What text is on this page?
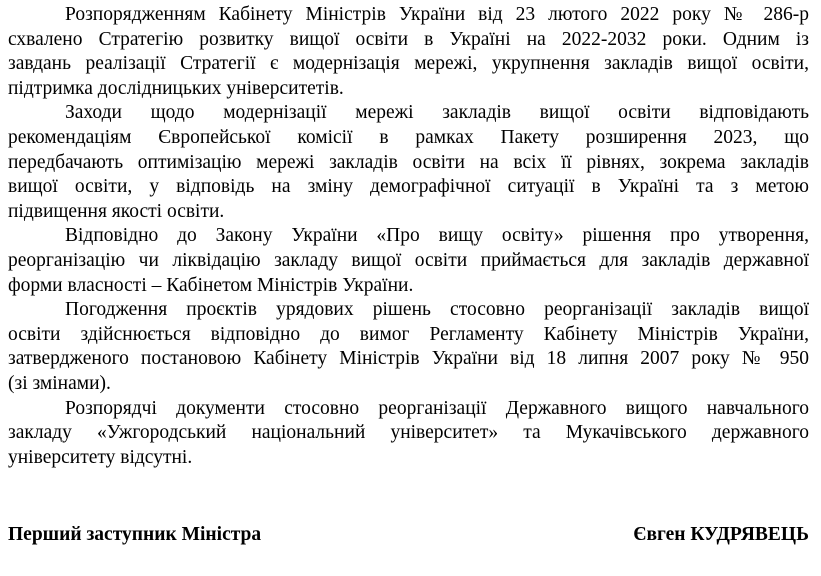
Розпорядженням Кабінету Міністрів України від 23 лютого 2022 року № 286-р
схвалено Стратегію розвитку вищої освіти в Україні на 2022-2032 роки. Одним із
завдань реалізації Стратегії є модернізація мережі, укрупнення закладів вищої освіти,
підтримка дослідницьких університетів.
Заходи щодо модернізації мережі закладів вищої освіти відповідають
рекомендаціям Європейської комісії в рамках Пакету розширення 2023, що
передбачають оптимізацію мережі закладів освіти на всіх її рівнях, зокрема закладів
вищої освіти, у відповідь на зміну демографічної ситуації в Україні та з метою
підвищення якості освіти.
Відповідно до Закону України «Про вищу освіту» рішення про утворення,
реорганізацію чи ліквідацію закладу вищої освіти приймається для закладів державної
форми власності – Кабінетом Міністрів України.
Погодження проєктів урядових рішень стосовно реорганізації закладів вищої
освіти здійснюється відповідно до вимог Регламенту Кабінету Міністрів України,
затвердженого постановою Кабінету Міністрів України від 18 липня 2007 року № 950
(зі змінами).
Розпорядчі документи стосовно реорганізації Державного вищого навчального
закладу «Ужгородський національний університет» та Мукачівського державного
університету відсутні.
Перший заступник Міністра	Євген КУДРЯВЕЦЬ
